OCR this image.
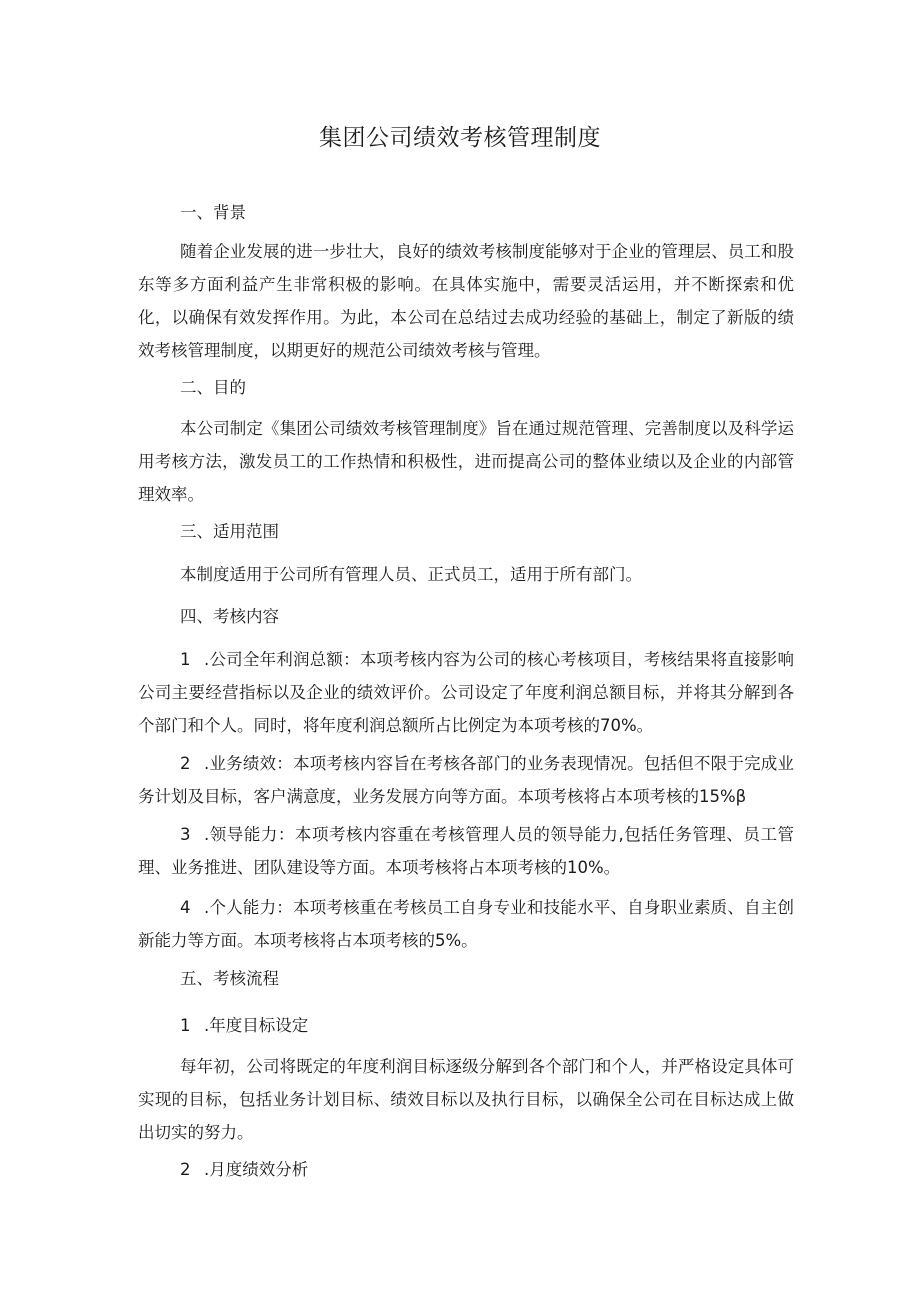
集团公司绩效考核管理制度
一、背景
随着企业发展的进一步壮大，良好的绩效考核制度能够对于企业的管理层、员工和股东等多方面利益产生非常积极的影响。在具体实施中，需要灵活运用，并不断探索和优化，以确保有效发挥作用。为此，本公司在总结过去成功经验的基础上，制定了新版的绩效考核管理制度，以期更好的规范公司绩效考核与管理。
二、目的
本公司制定《集团公司绩效考核管理制度》旨在通过规范管理、完善制度以及科学运用考核方法，激发员工的工作热情和积极性，进而提高公司的整体业绩以及企业的内部管理效率。
三、适用范围
本制度适用于公司所有管理人员、正式员工，适用于所有部门。
四、考核内容
1 .公司全年利润总额：本项考核内容为公司的核心考核项目，考核结果将直接影响公司主要经营指标以及企业的绩效评价。公司设定了年度利润总额目标，并将其分解到各个部门和个人。同时，将年度利润总额所占比例定为本项考核的70%。
2 .业务绩效：本项考核内容旨在考核各部门的业务表现情况。包括但不限于完成业务计划及目标，客户满意度，业务发展方向等方面。本项考核将占本项考核的15%β
3 .领导能力：本项考核内容重在考核管理人员的领导能力,包括任务管理、员工管理、业务推进、团队建设等方面。本项考核将占本项考核的10%。
4 .个人能力：本项考核重在考核员工自身专业和技能水平、自身职业素质、自主创新能力等方面。本项考核将占本项考核的5%。
五、考核流程
1 .年度目标设定
每年初，公司将既定的年度利润目标逐级分解到各个部门和个人，并严格设定具体可实现的目标，包括业务计划目标、绩效目标以及执行目标，以确保全公司在目标达成上做出切实的努力。
2 .月度绩效分析
